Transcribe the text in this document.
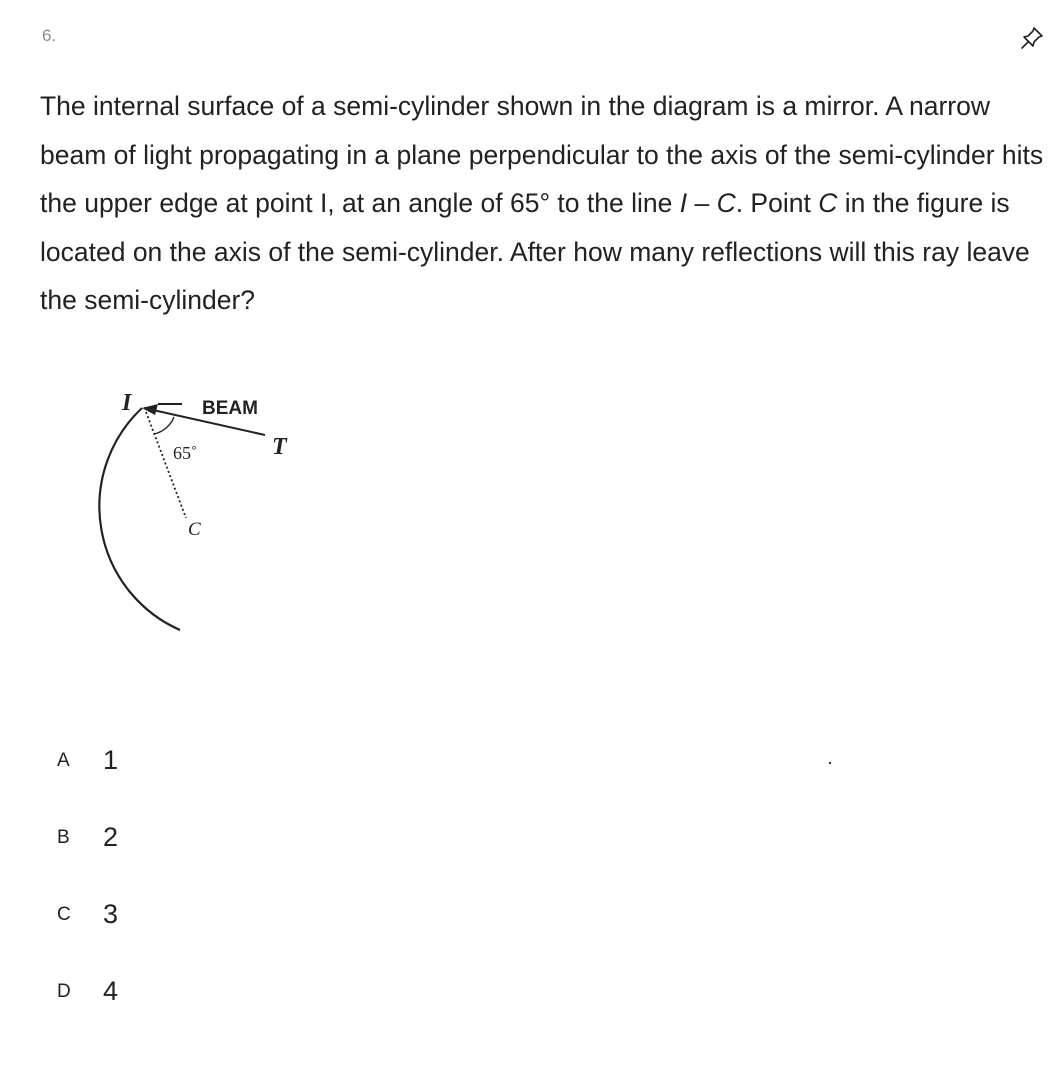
6.

The internal surface of a semi-cylinder shown in the diagram is a mirror. A narrow beam of light propagating in a plane perpendicular to the axis of the semi-cylinder hits the upper edge at point I, at an angle of 65° to the line I – C. Point C in the figure is located on the axis of the semi-cylinder. After how many reflections will this ray leave the semi-cylinder?

I	BEAM
T
65˚
C
A	1
B	2
C	3
D	4
